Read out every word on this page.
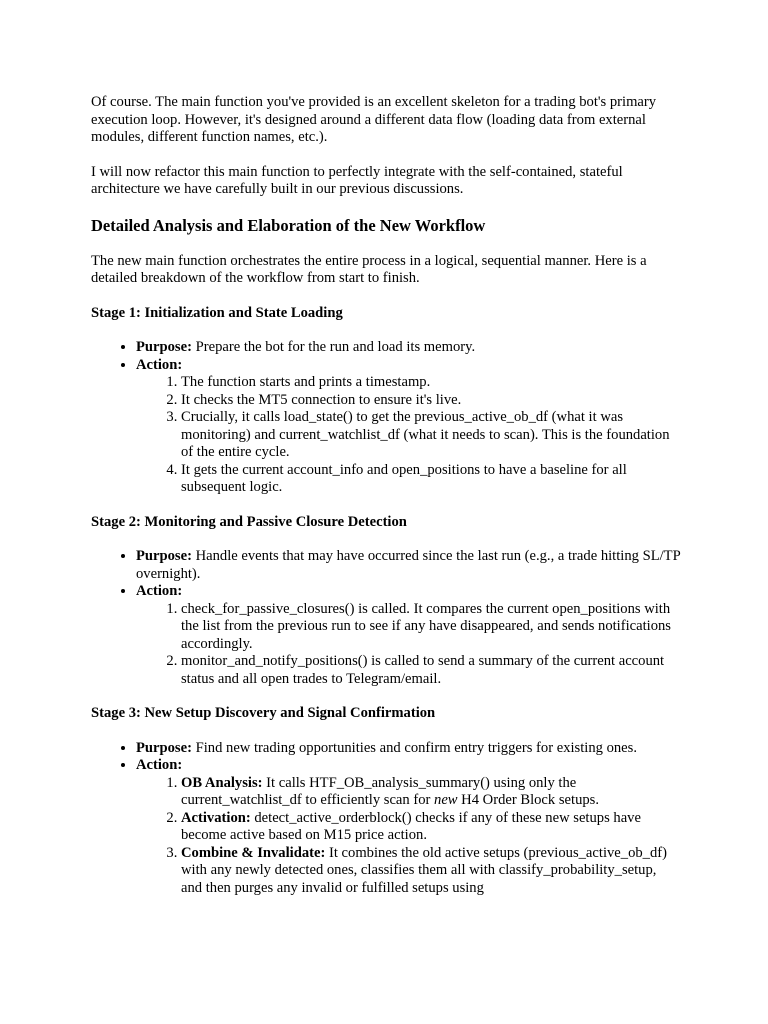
Of course. The main function you've provided is an excellent skeleton for a trading bot's primary execution loop. However, it's designed around a different data flow (loading data from external modules, different function names, etc.).

I will now refactor this main function to perfectly integrate with the self-contained, stateful architecture we have carefully built in our previous discussions.

Detailed Analysis and Elaboration of the New Workflow

The new main function orchestrates the entire process in a logical, sequential manner. Here is a detailed breakdown of the workflow from start to finish.

Stage 1: Initialization and State Loading
• Purpose: Prepare the bot for the run and load its memory.
• Action:
1. The function starts and prints a timestamp.
2. It checks the MT5 connection to ensure it's live.
3. Crucially, it calls load_state() to get the previous_active_ob_df (what it was monitoring) and current_watchlist_df (what it needs to scan). This is the foundation of the entire cycle.
4. It gets the current account_info and open_positions to have a baseline for all subsequent logic.
Stage 2: Monitoring and Passive Closure Detection
• Purpose: Handle events that may have occurred since the last run (e.g., a trade hitting SL/TP overnight).
• Action:
1. check_for_passive_closures() is called. It compares the current open_positions with the list from the previous run to see if any have disappeared, and sends notifications accordingly.
2. monitor_and_notify_positions() is called to send a summary of the current account status and all open trades to Telegram/email.
Stage 3: New Setup Discovery and Signal Confirmation
• Purpose: Find new trading opportunities and confirm entry triggers for existing ones.
• Action:
1. OB Analysis: It calls HTF_OB_analysis_summary() using only the current_watchlist_df to efficiently scan for new H4 Order Block setups.
2. Activation: detect_active_orderblock() checks if any of these new setups have become active based on M15 price action.
3. Combine & Invalidate: It combines the old active setups (previous_active_ob_df) with any newly detected ones, classifies them all with classify_probability_setup, and then purges any invalid or fulfilled setups using
